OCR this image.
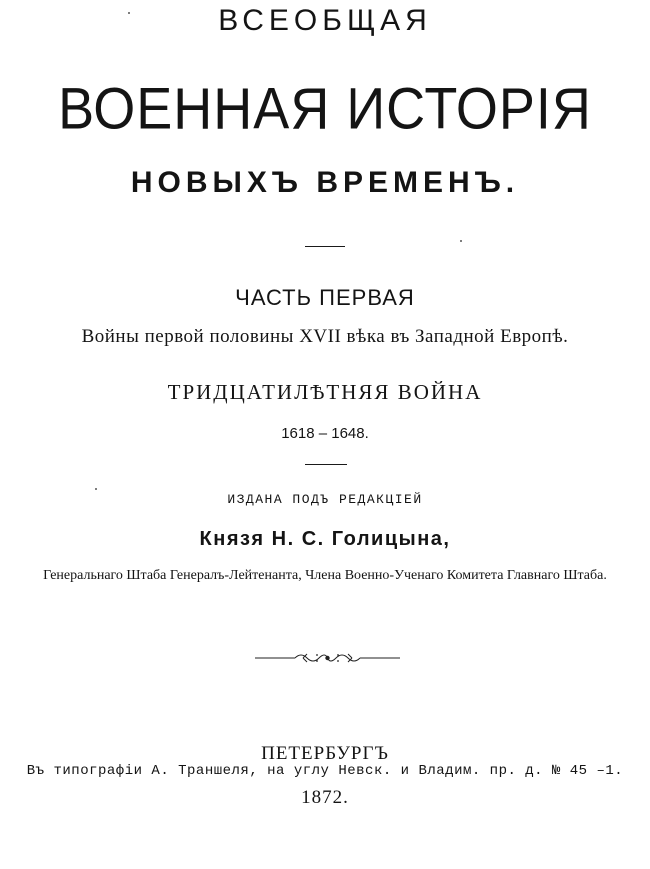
ВСЕОБЩАЯ
ВОЕННАЯ ИСТОРІЯ
НОВЫХЪ ВРЕМЕНЪ.
ЧАСТЬ ПЕРВАЯ
Войны первой половины XVII вѣка въ Западной Европѣ.
ТРИДЦАТИЛѢТНЯЯ ВОЙНА
1618 – 1648.
ИЗДАНА ПОДЪ РЕДАКЦІЕЙ
Князя Н. С. Голицына,
Генеральнаго Штаба Генералъ-Лейтенанта, Члена Военно-Ученаго Комитета Главнаго Штаба.
ПЕТЕРБУРГЪ
Въ типографіи А. Траншеля, на углу Невск. и Владим. пр. д. № 45 –1.
1872.
